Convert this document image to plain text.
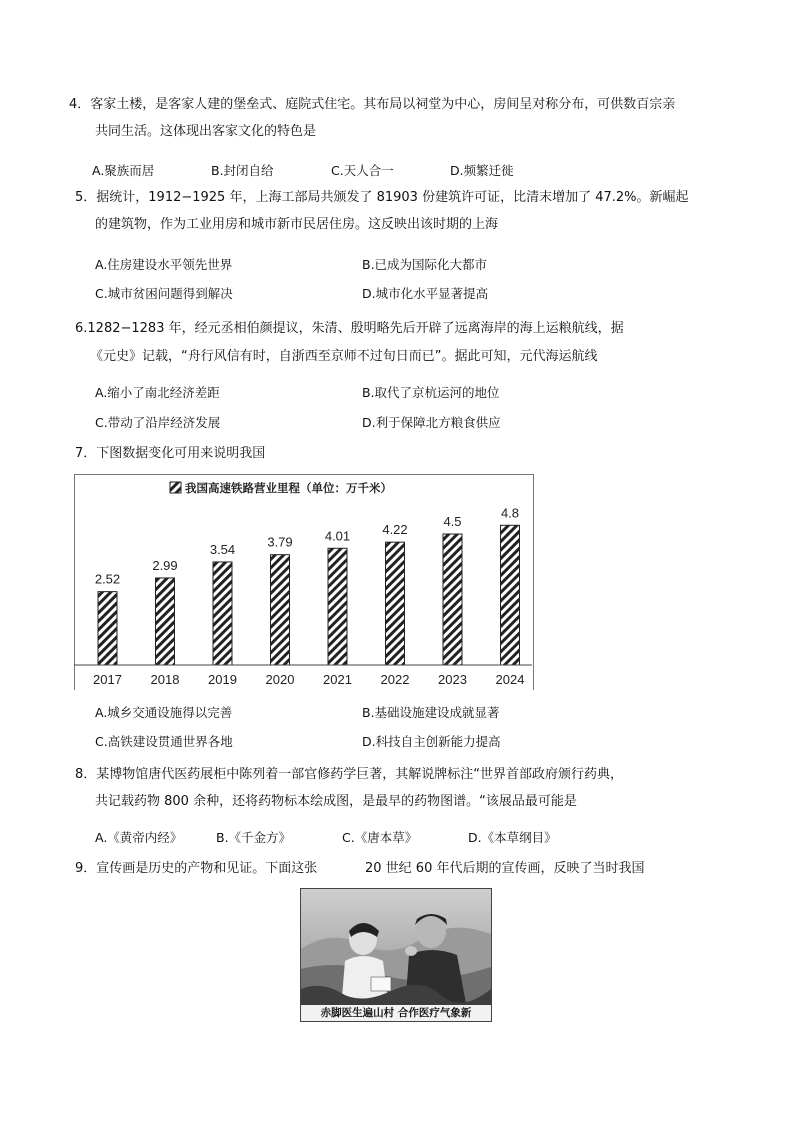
4．客家土楼，是客家人建的堡垒式、庭院式住宅。其布局以祠堂为中心，房间呈对称分布，可供数百宗亲
共同生活。这体现出客家文化的特色是
A.聚族而居	B.封闭自给	C.天人合一	D.频繁迁徙
5．据统计，1912−1925 年，上海工部局共颁发了 81903 份建筑许可证，比清末增加了 47.2%。新崛起
的建筑物，作为工业用房和城市新市民居住房。这反映出该时期的上海
A.住房建设水平领先世界	B.已成为国际化大都市
C.城市贫困问题得到解决	D.城市化水平显著提高
6.1282−1283 年，经元丞相伯颜提议，朱清、殷明略先后开辟了远离海岸的海上运粮航线，据
《元史》记载，“舟行风信有时，自浙西至京师不过旬日而已”。据此可知，元代海运航线
A.缩小了南北经济差距	B.取代了京杭运河的地位
C.带动了沿岸经济发展	D.利于保障北方粮食供应
7．下图数据变化可用来说明我国
我国高速铁路营业里程（单位：万千米）
2.52
2017
2.99
2018
3.54
2019
3.79
2020
4.01
2021
4.22
2022
4.5
2023
4.8
2024
A.城乡交通设施得以完善	B.基础设施建设成就显著
C.高铁建设贯通世界各地	D.科技自主创新能力提高
8．某博物馆唐代医药展柜中陈列着一部官修药学巨著，其解说牌标注“世界首部政府颁行药典，
共记载药物 800 余种，还将药物标本绘成图，是最早的药物图谱。“该展品最可能是
A.《黄帝内经》	B.《千金方》	C.《唐本草》	D.《本草纲目》
9．宣传画是历史的产物和见证。下面这张	20 世纪 60 年代后期的宣传画，反映了当时我国
赤脚医生遍山村 合作医疗气象新
